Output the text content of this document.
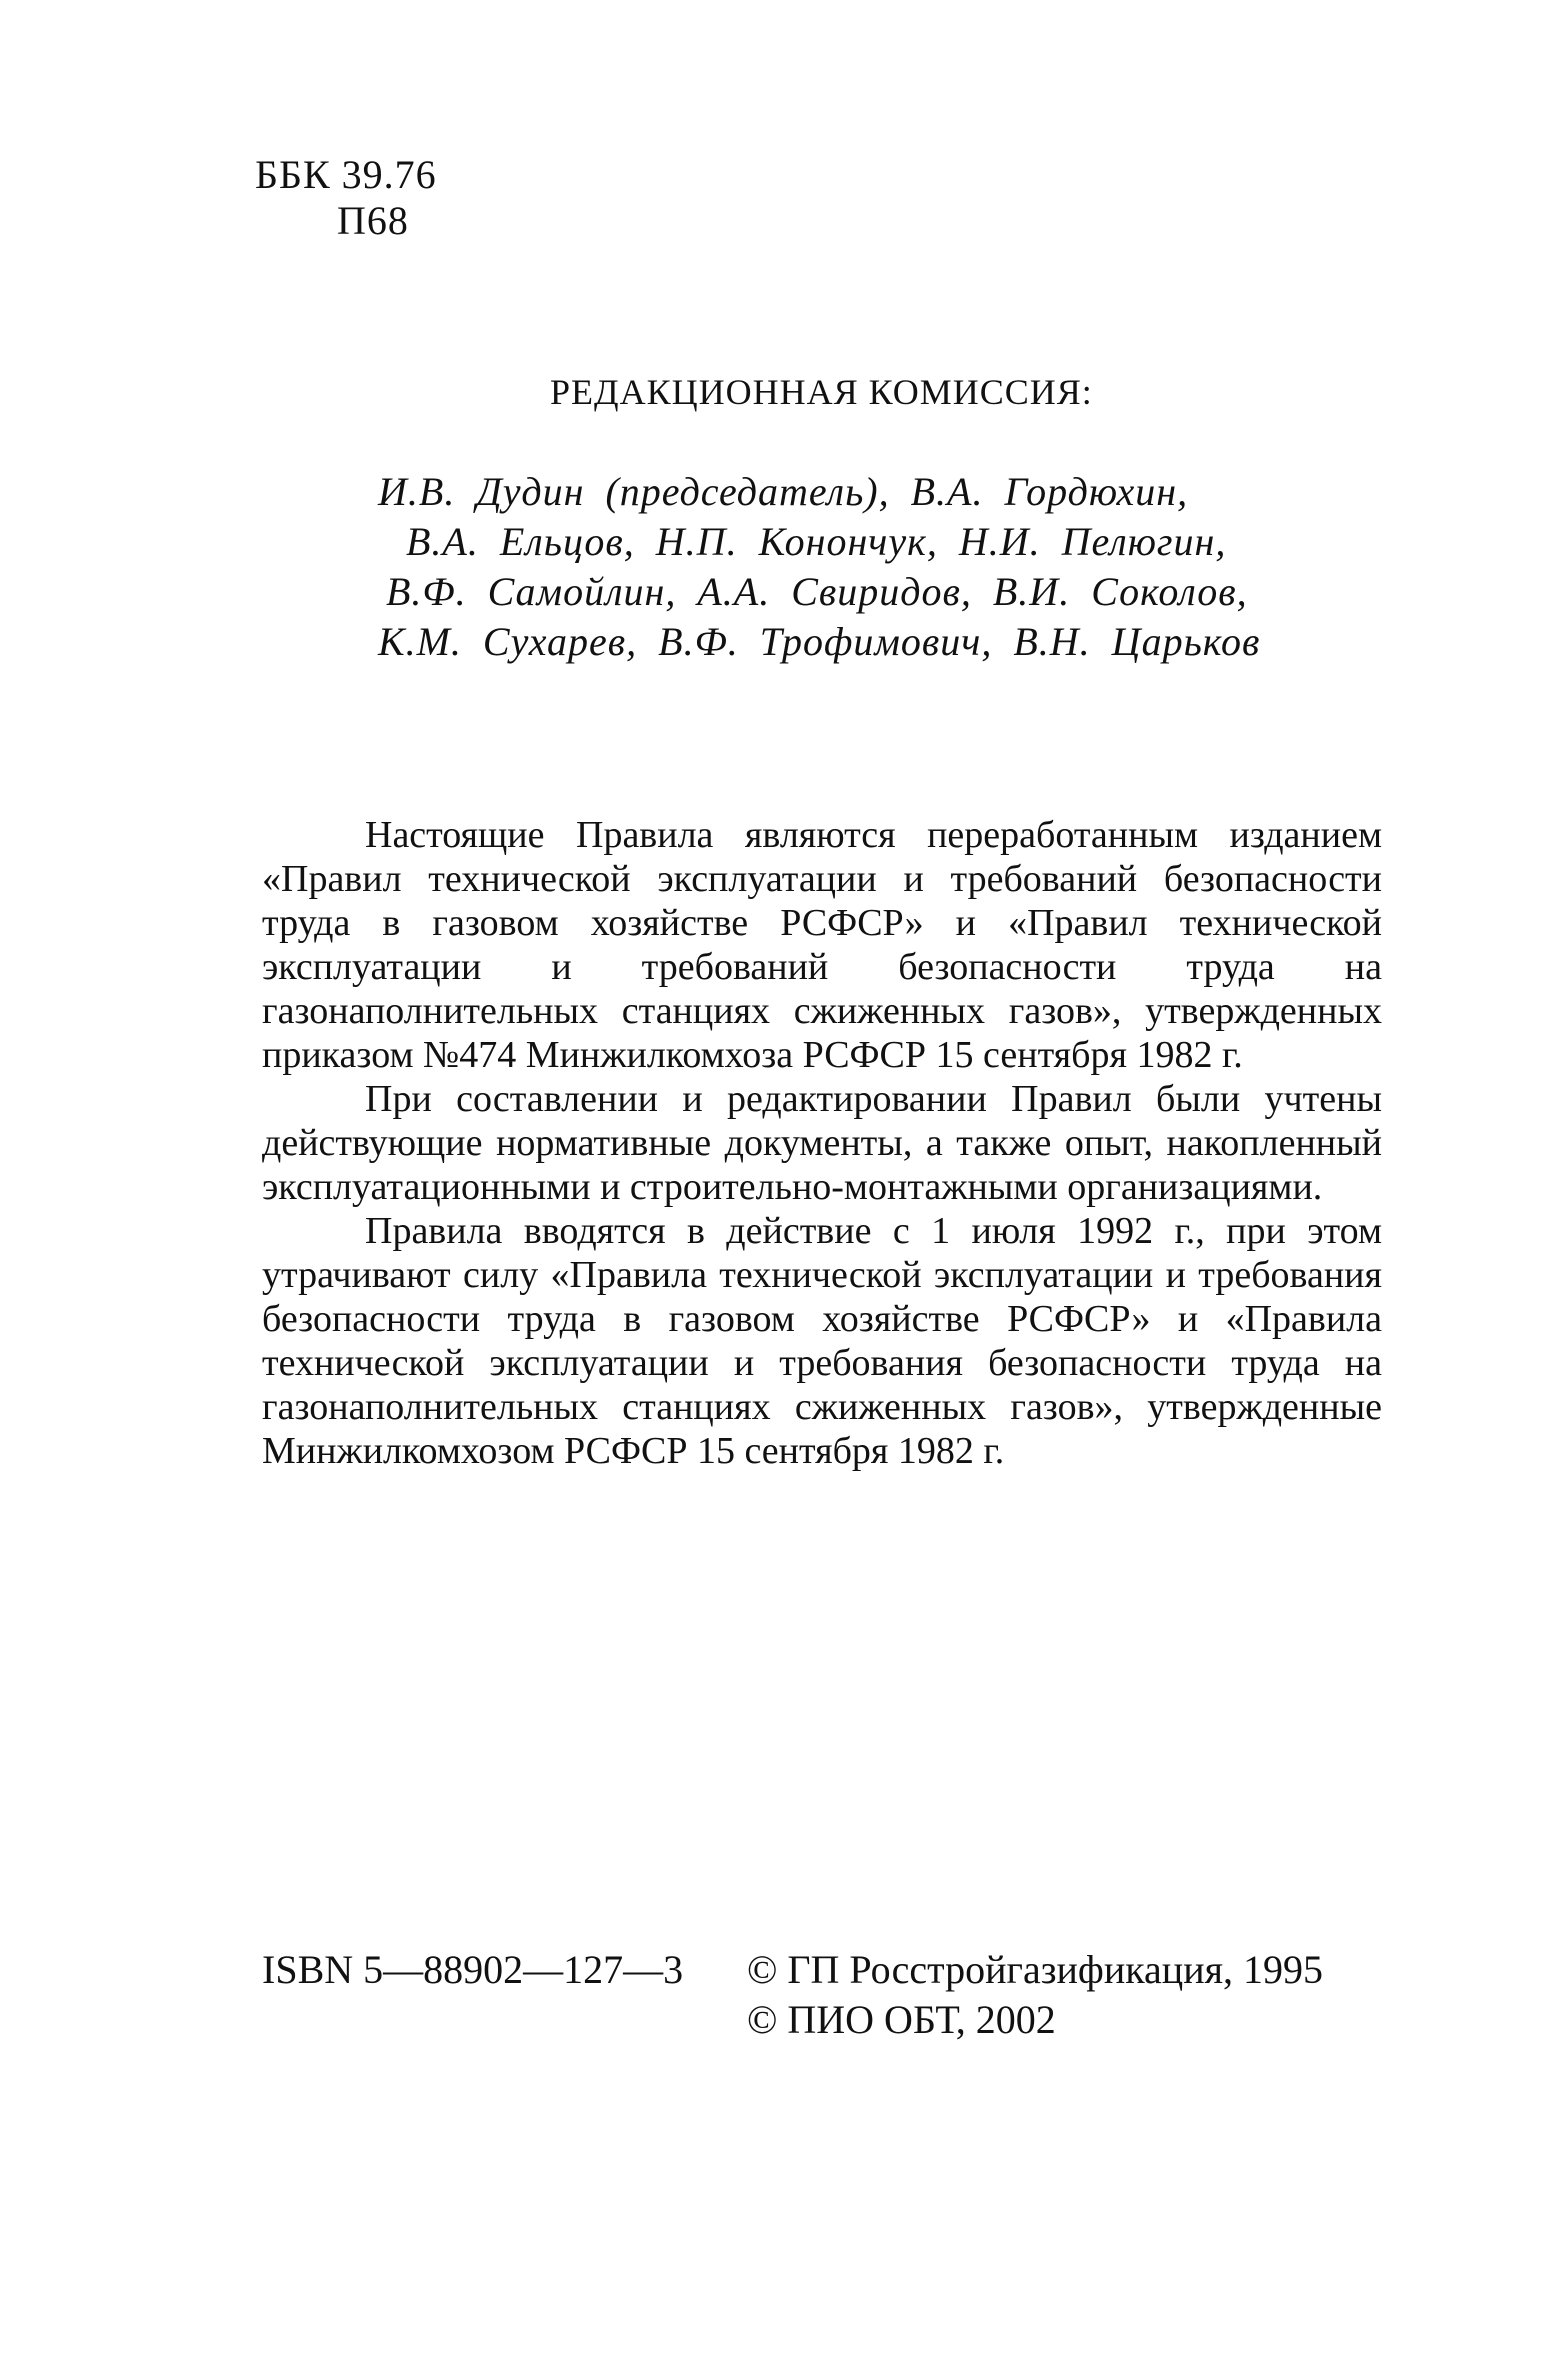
ББК 39.76
П68
РЕДАКЦИОННАЯ КОМИССИЯ:
И.В. Дудин (председатель), В.А. Гордюхин,
В.А. Ельцов, Н.П. Конончук, Н.И. Пелюгин,
В.Ф. Самойлин, А.А. Свиридов, В.И. Соколов,
К.М. Сухарев, В.Ф. Трофимович, В.Н. Царьков

Настоящие Правила являются переработанным изданием «Правил технической эксплуатации и требований безопасности труда в газовом хозяйстве РСФСР» и «Правил технической эксплуатации и требований безопасности труда на газонаполнительных станциях сжиженных газов», утвержденных приказом №474 Минжилкомхоза РСФСР 15 сентября 1982 г.

При составлении и редактировании Правил были учтены действующие нормативные документы, а также опыт, накопленный эксплуатационными и строительно-монтажными организациями.

Правила вводятся в действие с 1 июля 1992 г., при этом утрачивают силу «Правила технической эксплуатации и требования безопасности труда в газовом хозяйстве РСФСР» и «Правила технической эксплуатации и требования безопасности труда на газонаполнительных станциях сжиженных газов», утвержденные Минжилкомхозом РСФСР 15 сентября 1982 г.

ISBN 5—88902—127—3 © ГП Росстройгазификация, 1995
© ПИО ОБТ, 2002
